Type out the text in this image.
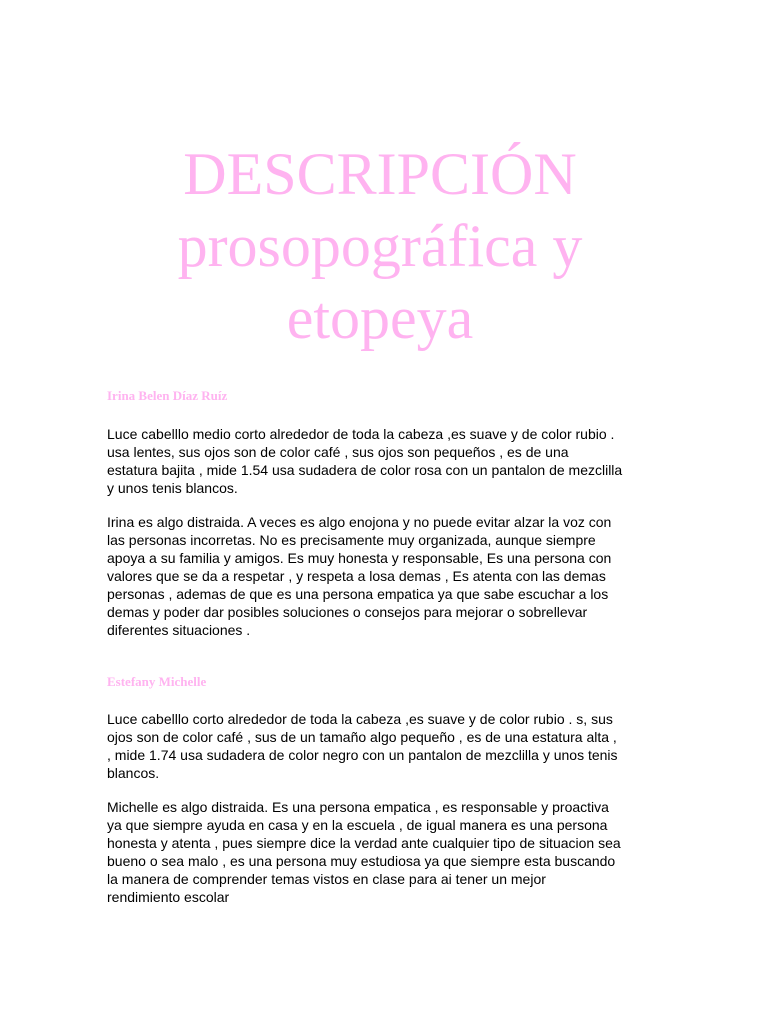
DESCRIPCIÓN
prosopográfica y
etopeya
Irina Belen Díaz Ruíz

Luce cabelllo medio corto alrededor de toda la cabeza ,es suave y de color rubio .
usa lentes, sus ojos son de color café , sus ojos son pequeños , es de una
estatura bajita , mide 1.54 usa sudadera de color rosa con un pantalon de mezclilla
y unos tenis blancos.

Irina es algo distraida. A veces es algo enojona y no puede evitar alzar la voz con
las personas incorretas. No es precisamente muy organizada, aunque siempre
apoya a su familia y amigos. Es muy honesta y responsable, Es una persona con
valores que se da a respetar , y respeta a losa demas , Es atenta con las demas
personas , ademas de que es una persona empatica ya que sabe escuchar a los
demas y poder dar posibles soluciones o consejos para mejorar o sobrellevar
diferentes situaciones .

Estefany Michelle

Luce cabelllo corto alrededor de toda la cabeza ,es suave y de color rubio . s, sus
ojos son de color café , sus de un tamaño algo pequeño , es de una estatura alta ,
, mide 1.74 usa sudadera de color negro con un pantalon de mezclilla y unos tenis
blancos.

Michelle es algo distraida. Es una persona empatica , es responsable y proactiva
ya que siempre ayuda en casa y en la escuela , de igual manera es una persona
honesta y atenta , pues siempre dice la verdad ante cualquier tipo de situacion sea
bueno o sea malo , es una persona muy estudiosa ya que siempre esta buscando
la manera de comprender temas vistos en clase para ai tener un mejor
rendimiento escolar
